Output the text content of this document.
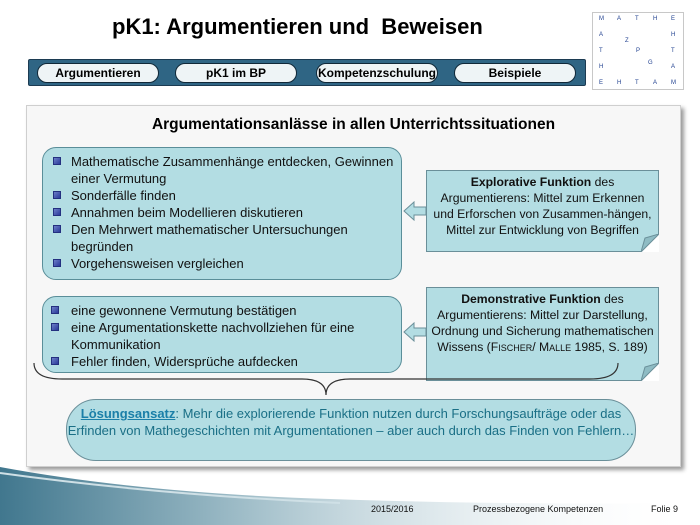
pK1: Argumentieren und  Beweisen	M A T H E
A	H
Z
T	P	T
G
H	A
E H T A M
Argumentieren	pK1 im BP	Kompetenzschulung	Beispiele
Argumentationsanlässe in allen Unterrichtssituationen
Mathematische Zusammenhänge entdecken, Gewinnen einer Vermutung
Sonderfälle finden
Annahmen beim Modellieren diskutieren
Den Mehrwert mathematischer Untersuchungen begründen
Vorgehensweisen vergleichen
Explorative Funktion des Argumentierens: Mittel zum Erkennen und Erforschen von Zusammen-hängen, Mittel zur Entwicklung von Begriffen
eine gewonnene Vermutung bestätigen
eine Argumentationskette nachvollziehen für eine Kommunikation
Fehler finden, Widersprüche aufdecken
Demonstrative Funktion des Argumentierens: Mittel zur Darstellung, Ordnung und Sicherung mathematischen Wissens (Fischer/ Malle 1985, S. 189)
Lösungsansatz: Mehr die explorierende Funktion nutzen durch Forschungsaufträge oder das Erfinden von Mathegeschichten mit Argumentationen – aber auch durch das Finden von Fehlern…
2015/2016	Prozessbezogene Kompetenzen	Folie 9
